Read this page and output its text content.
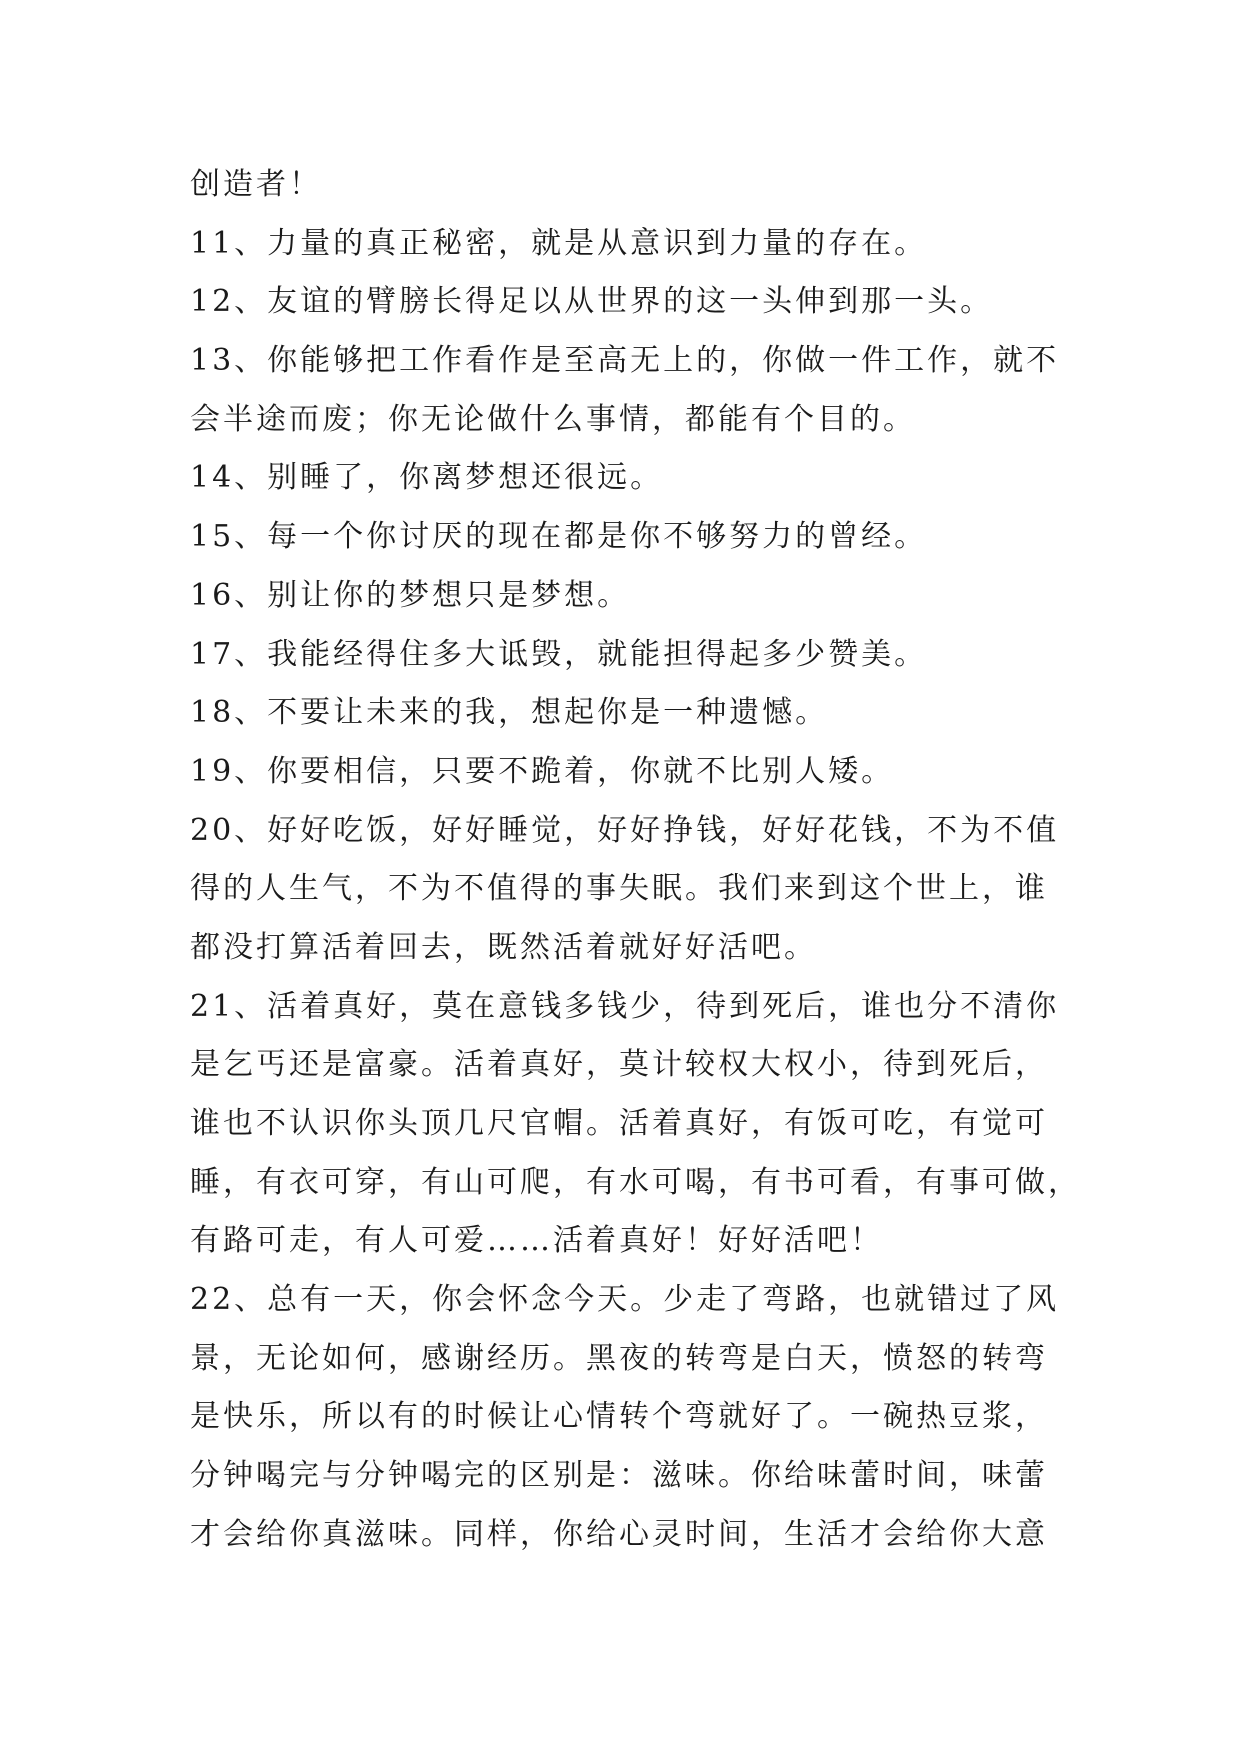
创造者！
11、力量的真正秘密，就是从意识到力量的存在。
12、友谊的臂膀长得足以从世界的这一头伸到那一头。
13、你能够把工作看作是至高无上的，你做一件工作，就不
会半途而废；你无论做什么事情，都能有个目的。
14、别睡了，你离梦想还很远。
15、每一个你讨厌的现在都是你不够努力的曾经。
16、别让你的梦想只是梦想。
17、我能经得住多大诋毁，就能担得起多少赞美。
18、不要让未来的我，想起你是一种遗憾。
19、你要相信，只要不跪着，你就不比别人矮。
20、好好吃饭，好好睡觉，好好挣钱，好好花钱，不为不值
得的人生气，不为不值得的事失眠。我们来到这个世上，谁
都没打算活着回去，既然活着就好好活吧。
21、活着真好，莫在意钱多钱少，待到死后，谁也分不清你
是乞丐还是富豪。活着真好，莫计较权大权小，待到死后，
谁也不认识你头顶几尺官帽。活着真好，有饭可吃，有觉可
睡，有衣可穿，有山可爬，有水可喝，有书可看，有事可做，
有路可走，有人可爱……活着真好！好好活吧！
22、总有一天，你会怀念今天。少走了弯路，也就错过了风
景，无论如何，感谢经历。黑夜的转弯是白天，愤怒的转弯
是快乐，所以有的时候让心情转个弯就好了。一碗热豆浆，
分钟喝完与分钟喝完的区别是：滋味。你给味蕾时间，味蕾
才会给你真滋味。同样，你给心灵时间，生活才会给你大意
